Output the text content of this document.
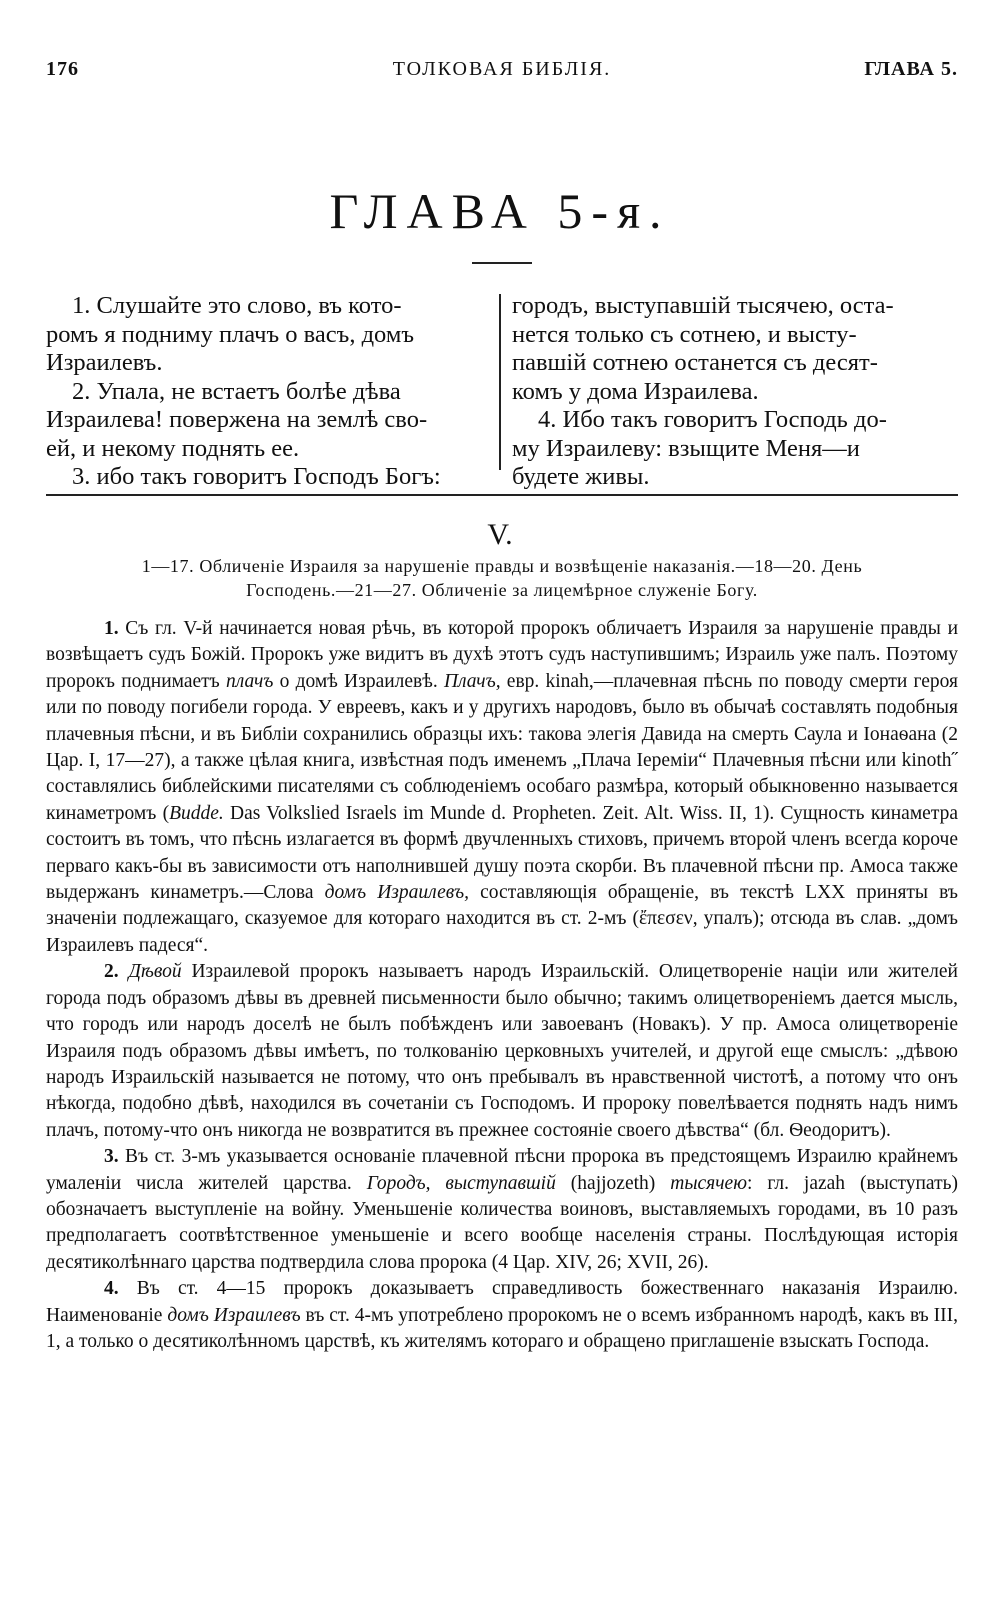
176	ТОЛКОВАЯ БИБЛІЯ.	ГЛАВА 5.
ГЛАВА 5-я.
1. Слушайте это слово, въ кото-
ромъ я подниму плачъ о васъ, домъ
Израилевъ.
2. Упала, не встаетъ болѣе дѣва
Израилева! повержена на землѣ сво-
ей, и некому поднять ее.
3. ибо такъ говоритъ Господъ Богъ:
городъ, выступавшій тысячею, оста-
нется только съ сотнею, и высту-
павшій сотнею останется съ десят-
комъ у дома Израилева.
4. Ибо такъ говоритъ Господь до-
му Израилеву: взыщите Меня—и
будете живы.
V.
1—17. Обличеніе Израиля за нарушеніе правды и возвѣщеніе наказанія.—18—20. День
Господень.—21—27. Обличеніе за лицемѣрное служеніе Богу.

1. Съ гл. V-й начинается новая рѣчь, въ которой пророкъ обличаетъ Израиля за нарушеніе правды и возвѣщаетъ судъ Божій. Пророкъ уже видитъ въ духѣ этотъ судъ наступившимъ; Израиль уже палъ. Поэтому пророкъ поднимаетъ плачъ о домѣ Израилевѣ. Плачъ, евр. kinah,—плачевная пѣснь по поводу смерти героя или по поводу погибели города. У евреевъ, какъ и у другихъ народовъ, было въ обычаѣ составлять подобныя плачевныя пѣсни, и въ Библіи сохранились образцы ихъ: такова элегія Давида на смерть Саула и Іонаѳана (2 Цар. I, 17—27), а также цѣлая книга, извѣстная подъ именемъ „Плача Іереміи“ Плачевныя пѣсни или kinoth˝ составлялись библейскими писателями съ соблюденіемъ особаго размѣра, который обыкновенно называется кинаметромъ (Budde. Das Volkslied Israels im Munde d. Propheten. Zeit. Alt. Wiss. II, 1). Сущность кинаметра состоитъ въ томъ, что пѣснь излагается въ формѣ двучленныхъ стиховъ, причемъ второй членъ всегда короче перваго какъ-бы въ зависимости отъ наполнившей душу поэта скорби. Въ плачевной пѣсни пр. Амоса также выдержанъ кинаметръ.—Слова домъ Израилевъ, составляющія обращеніе, въ текстѣ LXX приняты въ значеніи подлежащаго, сказуемое для котораго находится въ ст. 2-мъ (ἔπεσεν, упалъ); отсюда въ слав. „домъ Израилевъ падеся“.

2. Дѣвой Израилевой пророкъ называетъ народъ Израильскій. Олицетвореніе націи или жителей города подъ образомъ дѣвы въ древней письменности было обычно; такимъ олицетвореніемъ дается мысль, что городъ или народъ доселѣ не былъ побѣжденъ или завоеванъ (Новакъ). У пр. Амоса олицетвореніе Израиля подъ образомъ дѣвы имѣетъ, по толкованію церковныхъ учителей, и другой еще смыслъ: „дѣвою народъ Израильскій называется не потому, что онъ пребывалъ въ нравственной чистотѣ, а потому что онъ нѣкогда, подобно дѣвѣ, находился въ сочетаніи съ Господомъ. И пророку повелѣвается поднять надъ нимъ плачъ, потому-что онъ никогда не возвратится въ прежнее состояніе своего дѣвства“ (бл. Ѳеодоритъ).

3. Въ ст. 3-мъ указывается основаніе плачевной пѣсни пророка въ предстоящемъ Израилю крайнемъ умаленіи числа жителей царства. Городъ, выступавшій (hajjozeth) тысячею: гл. jazah (выступать) обозначаетъ выступленіе на войну. Уменьшеніе количества воиновъ, выставляемыхъ городами, въ 10 разъ предполагаетъ соотвѣтственное уменьшеніе и всего вообще населенія страны. Послѣдующая исторія десятиколѣннаго царства подтвердила слова пророка (4 Цар. XIV, 26; XVII, 26).

4. Въ ст. 4—15 пророкъ доказываетъ справедливость божественнаго наказанія Израилю. Наименованіе домъ Израилевъ въ ст. 4-мъ употреблено пророкомъ не о всемъ избранномъ народѣ, какъ въ III, 1, а только о десятиколѣнномъ царствѣ, къ жителямъ котораго и обращено приглашеніе взыскать Господа.
